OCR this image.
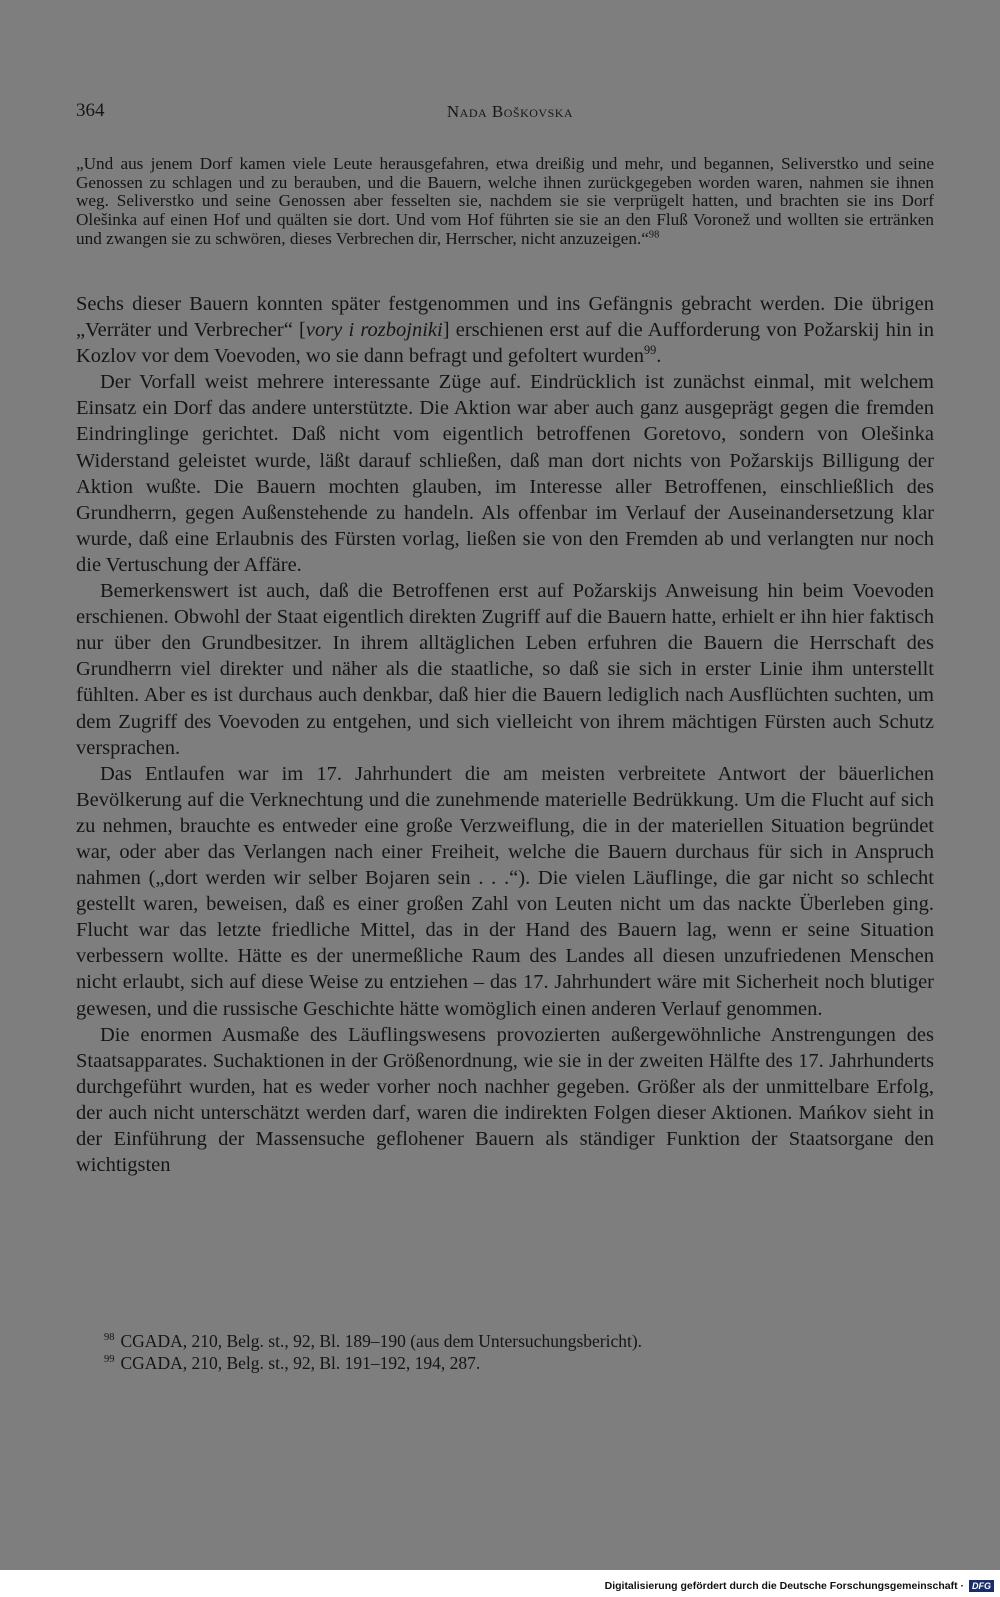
364	Nada Boškovska

„Und aus jenem Dorf kamen viele Leute herausgefahren, etwa dreißig und mehr, und begannen, Seliverstko und seine Genossen zu schlagen und zu berauben, und die Bauern, welche ihnen zurückgegeben worden waren, nahmen sie ihnen weg. Seliverstko und seine Genossen aber fesselten sie, nachdem sie sie verprügelt hatten, und brachten sie ins Dorf Olešinka auf einen Hof und quälten sie dort. Und vom Hof führten sie sie an den Fluß Voronež und wollten sie ertränken und zwangen sie zu schwören, dieses Verbrechen dir, Herrscher, nicht anzuzeigen.“$^{98}$

Sechs dieser Bauern konnten später festgenommen und ins Gefängnis gebracht werden. Die übrigen „Verräter und Verbrecher“ [vory i rozbojniki] erschienen erst auf die Aufforderung von Požarskij hin in Kozlov vor dem Voevoden, wo sie dann befragt und gefoltert wurden$^{99}$.

Der Vorfall weist mehrere interessante Züge auf. Eindrücklich ist zunächst einmal, mit welchem Einsatz ein Dorf das andere unterstützte. Die Aktion war aber auch ganz ausgeprägt gegen die fremden Eindringlinge gerichtet. Daß nicht vom eigentlich betroffenen Goretovo, sondern von Olešinka Widerstand geleistet wurde, läßt darauf schließen, daß man dort nichts von Požarskijs Billigung der Aktion wußte. Die Bauern mochten glauben, im Interesse aller Betroffenen, einschließlich des Grundherrn, gegen Außenstehende zu handeln. Als offenbar im Verlauf der Auseinandersetzung klar wurde, daß eine Erlaubnis des Fürsten vorlag, ließen sie von den Fremden ab und verlangten nur noch die Vertuschung der Affäre.

Bemerkenswert ist auch, daß die Betroffenen erst auf Požarskijs Anweisung hin beim Voevoden erschienen. Obwohl der Staat eigentlich direkten Zugriff auf die Bauern hatte, erhielt er ihn hier faktisch nur über den Grundbesitzer. In ihrem alltäglichen Leben erfuhren die Bauern die Herrschaft des Grundherrn viel direkter und näher als die staatliche, so daß sie sich in erster Linie ihm unterstellt fühlten. Aber es ist durchaus auch denkbar, daß hier die Bauern lediglich nach Ausflüchten suchten, um dem Zugriff des Voevoden zu entgehen, und sich vielleicht von ihrem mächtigen Fürsten auch Schutz versprachen.

Das Entlaufen war im 17. Jahrhundert die am meisten verbreitete Antwort der bäuerlichen Bevölkerung auf die Verknechtung und die zunehmende materielle Bedrükkung. Um die Flucht auf sich zu nehmen, brauchte es entweder eine große Verzweiflung, die in der materiellen Situation begründet war, oder aber das Verlangen nach einer Freiheit, welche die Bauern durchaus für sich in Anspruch nahmen („dort werden wir selber Bojaren sein . . .“). Die vielen Läuflinge, die gar nicht so schlecht gestellt waren, beweisen, daß es einer großen Zahl von Leuten nicht um das nackte Überleben ging. Flucht war das letzte friedliche Mittel, das in der Hand des Bauern lag, wenn er seine Situation verbessern wollte. Hätte es der unermeßliche Raum des Landes all diesen unzufriedenen Menschen nicht erlaubt, sich auf diese Weise zu entziehen – das 17. Jahrhundert wäre mit Sicherheit noch blutiger gewesen, und die russische Geschichte hätte womöglich einen anderen Verlauf genommen.

Die enormen Ausmaße des Läuflingswesens provozierten außergewöhnliche Anstrengungen des Staatsapparates. Suchaktionen in der Größenordnung, wie sie in der zweiten Hälfte des 17. Jahrhunderts durchgeführt wurden, hat es weder vorher noch nachher gegeben. Größer als der unmittelbare Erfolg, der auch nicht unterschätzt werden darf, waren die indirekten Folgen dieser Aktionen. Mańkov sieht in der Einführung der Massensuche geflohener Bauern als ständiger Funktion der Staatsorgane den wichtigsten

$^{98}$ CGADA, 210, Belg. st., 92, Bl. 189–190 (aus dem Untersuchungsbericht).
$^{99}$ CGADA, 210, Belg. st., 92, Bl. 191–192, 194, 287.
Digitalisierung gefördert durch die Deutsche Forschungsgemeinschaft · DFG
